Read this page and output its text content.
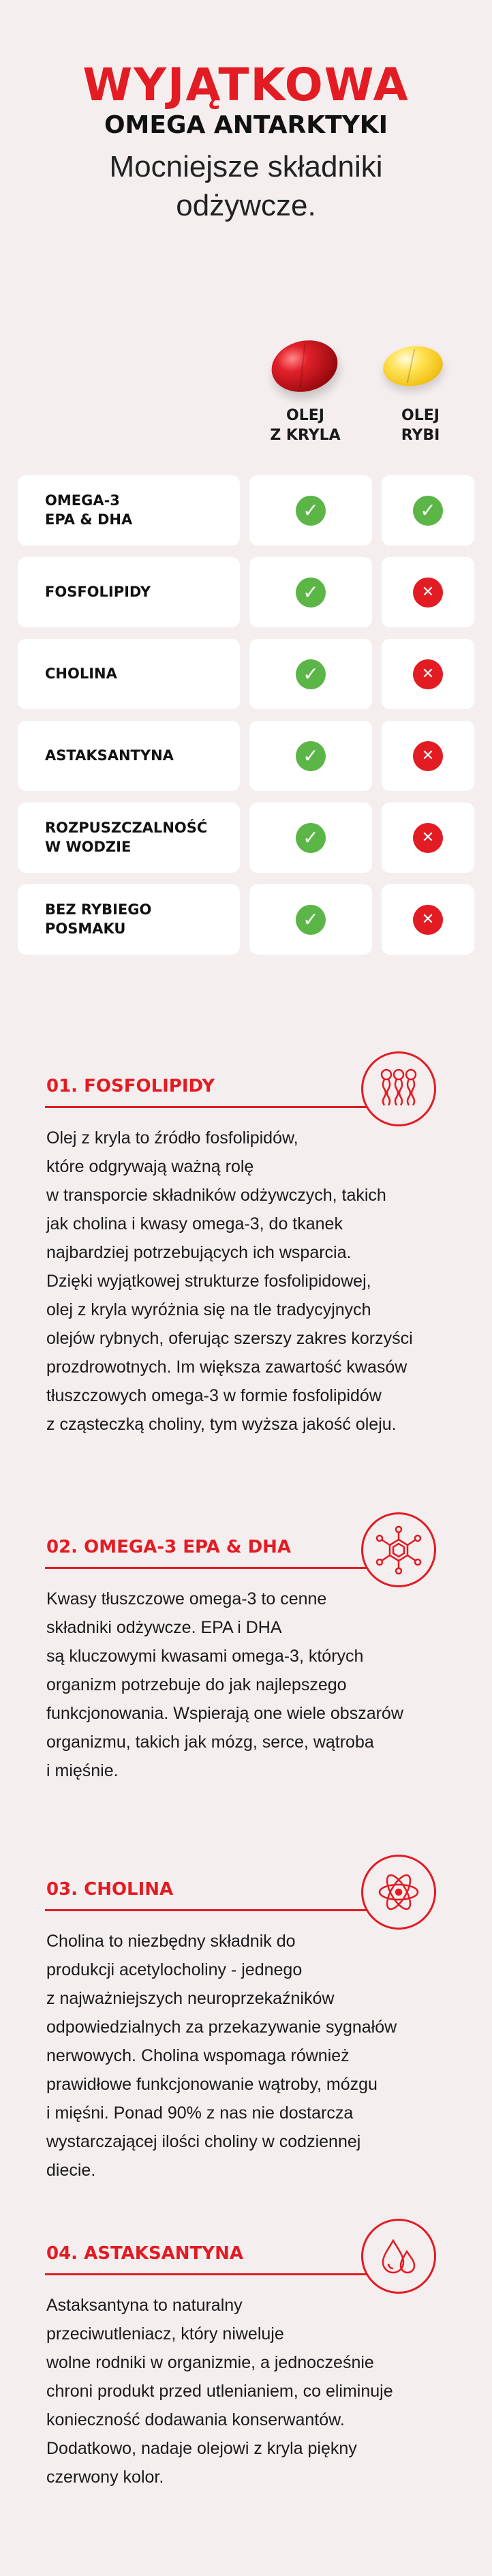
WYJĄTKOWA
OMEGA ANTARKTYKI
Mocniejsze składniki odżywcze.
OLEJ
Z KRYLA
OLEJ
RYBI
OMEGA-3
EPA & DHA	✓	✓
FOSFOLIPIDY	✓	✕
CHOLINA	✓	✕
ASTAKSANTYNA	✓	✕
ROZPUSZCZALNOŚĆ
W WODZIE	✓	✕
BEZ RYBIEGO
POSMAKU	✓	✕
01. FOSFOLIPIDY
Olej z kryla to źródło fosfolipidów,
które odgrywają ważną rolę
w transporcie składników odżywczych, takich
jak cholina i kwasy omega-3, do tkanek
najbardziej potrzebujących ich wsparcia.
Dzięki wyjątkowej strukturze fosfolipidowej,
olej z kryla wyróżnia się na tle tradycyjnych
olejów rybnych, oferując szerszy zakres korzyści
prozdrowotnych. Im większa zawartość kwasów
tłuszczowych omega-3 w formie fosfolipidów
z cząsteczką choliny, tym wyższa jakość oleju.
02. OMEGA-3 EPA & DHA
Kwasy tłuszczowe omega-3 to cenne
składniki odżywcze. EPA i DHA
są kluczowymi kwasami omega-3, których
organizm potrzebuje do jak najlepszego
funkcjonowania. Wspierają one wiele obszarów
organizmu, takich jak mózg, serce, wątroba
i mięśnie.
03. CHOLINA
Cholina to niezbędny składnik do
produkcji acetylocholiny - jednego
z najważniejszych neuroprzekaźników
odpowiedzialnych za przekazywanie sygnałów
nerwowych. Cholina wspomaga również
prawidłowe funkcjonowanie wątroby, mózgu
i mięśni. Ponad 90% z nas nie dostarcza
wystarczającej ilości choliny w codziennej
diecie.
04. ASTAKSANTYNA
Astaksantyna to naturalny
przeciwutleniacz, który niweluje
wolne rodniki w organizmie, a jednocześnie
chroni produkt przed utlenianiem, co eliminuje
konieczność dodawania konserwantów.
Dodatkowo, nadaje olejowi z kryla piękny
czerwony kolor.
